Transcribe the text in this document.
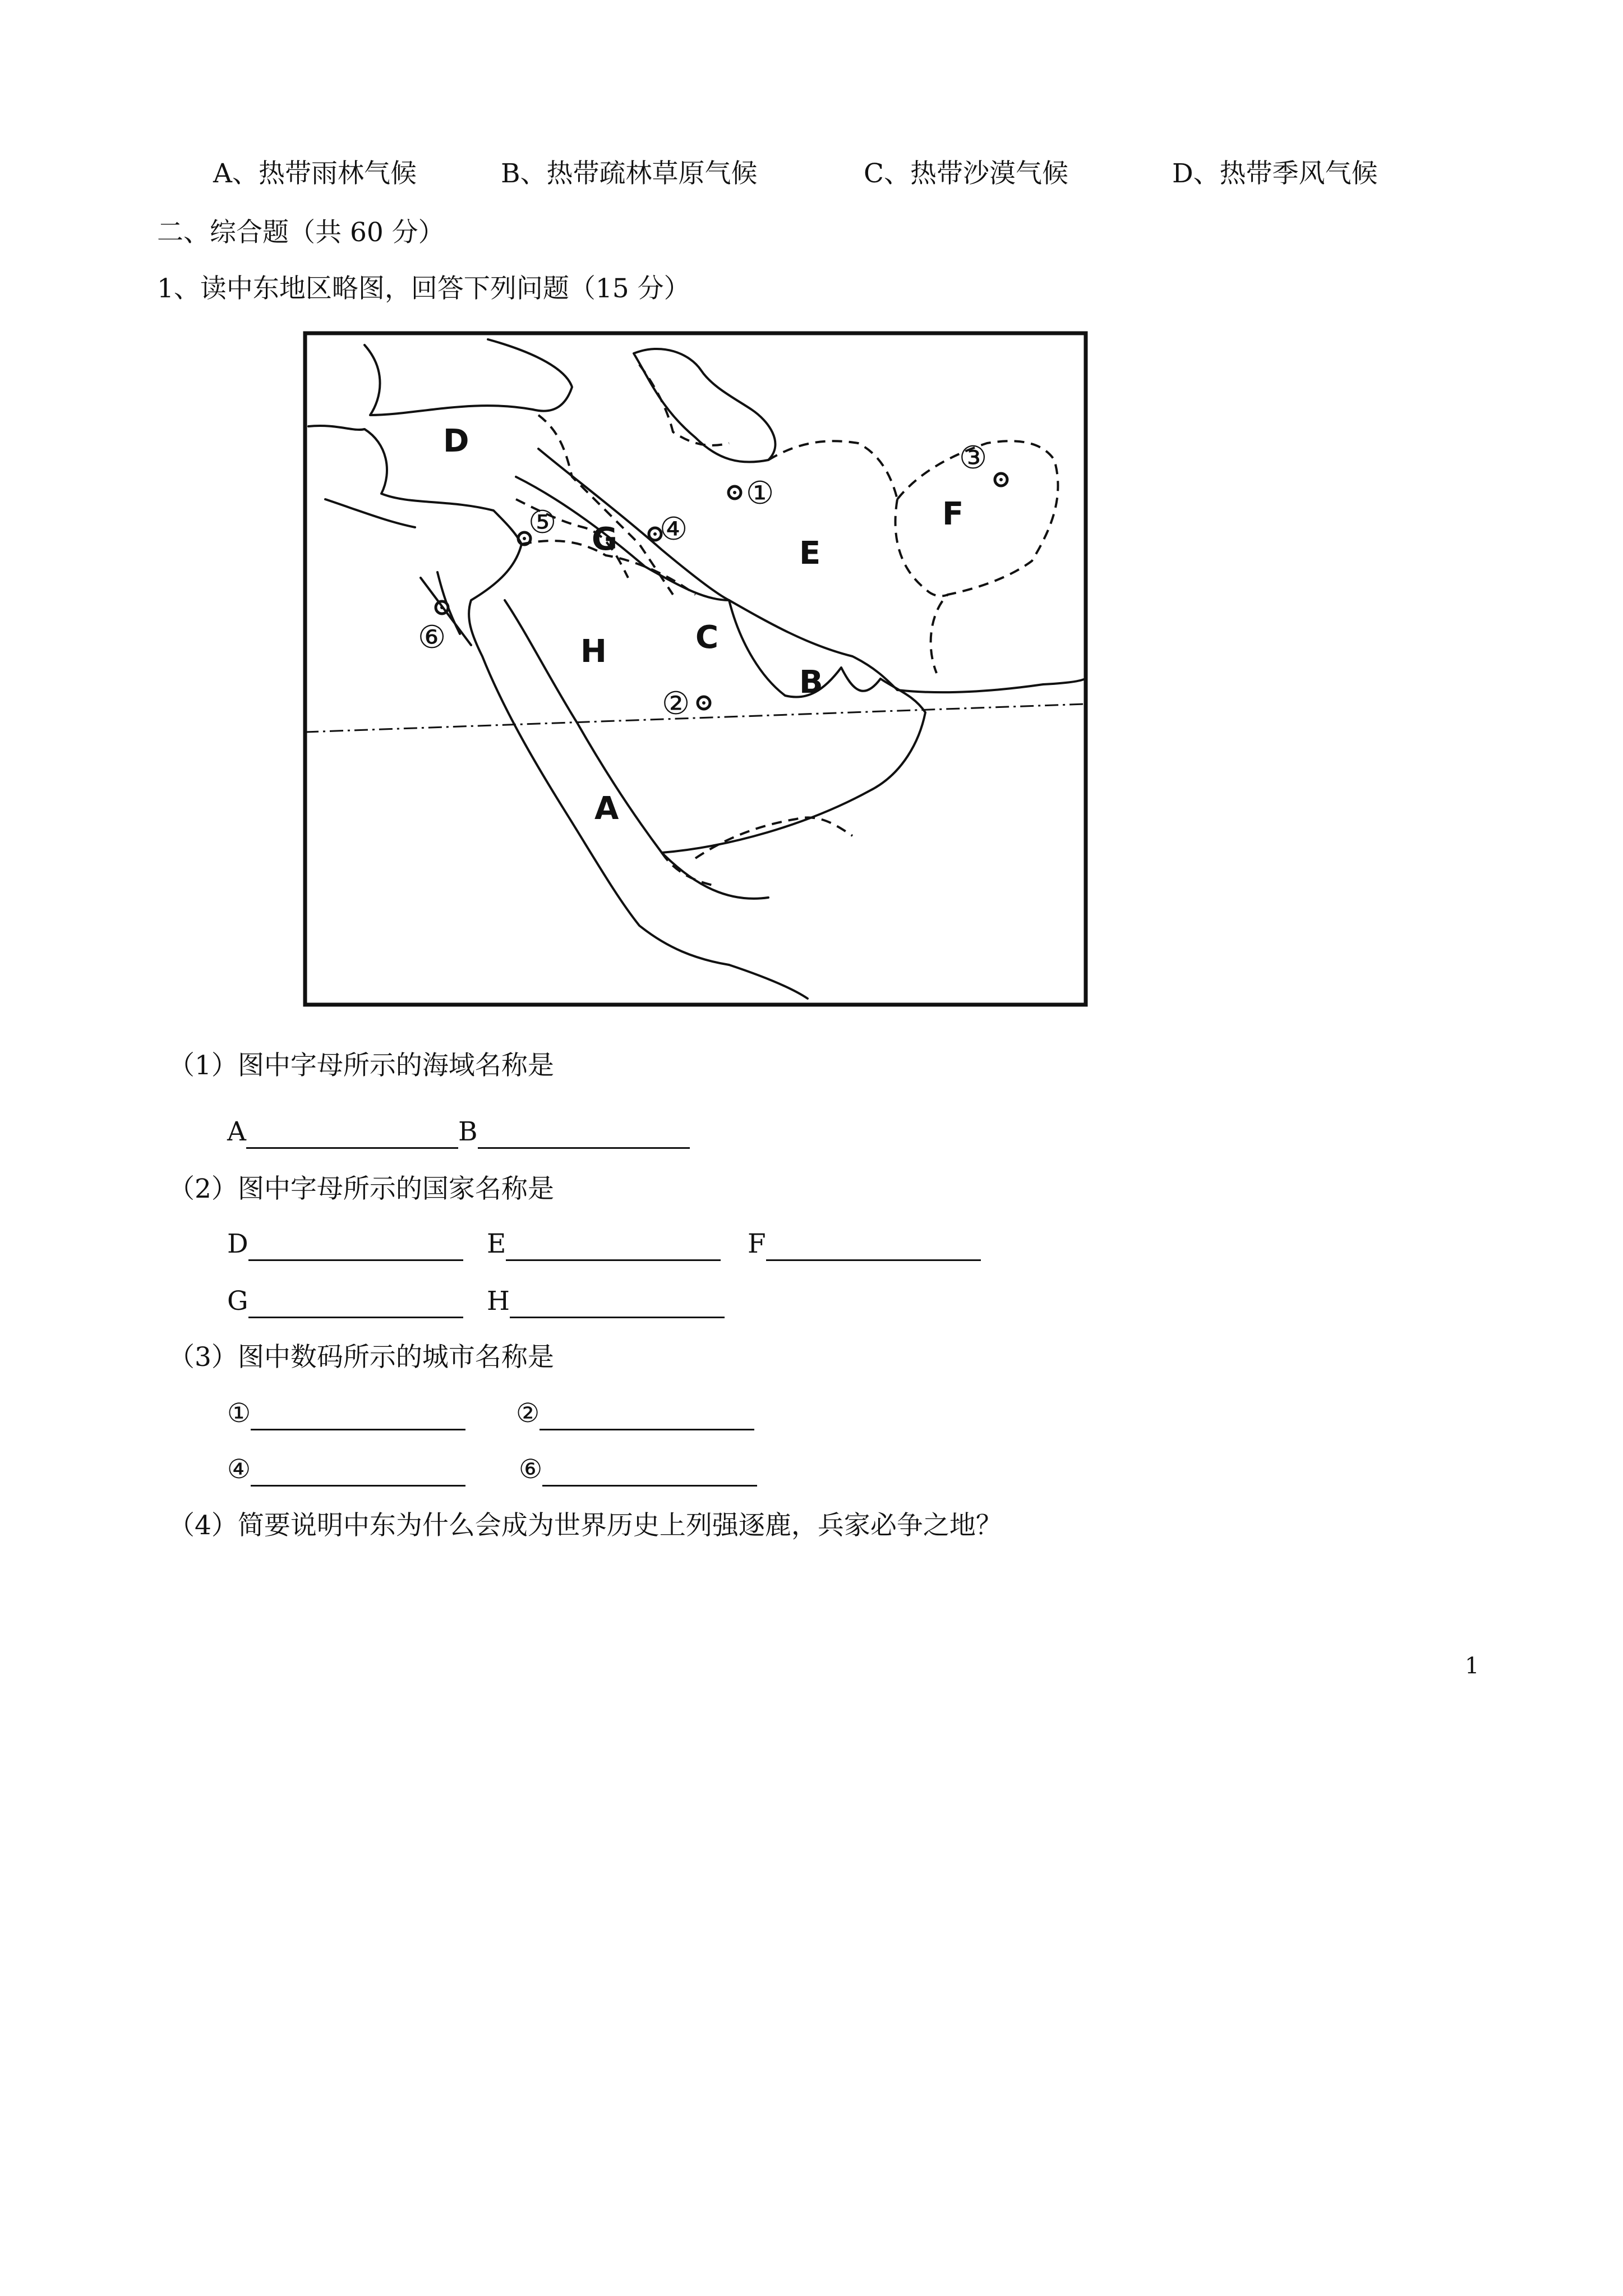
A、热带雨林气候	B、热带疏林草原气候	C、热带沙漠气候	D、热带季风气候
二、综合题（共 60 分）
1、读中东地区略图，回答下列问题（15 分）
D
E
F
G
H
A
B
C
①
②
③
④
⑤
⑥
（1）图中字母所示的海域名称是
A	B
（2）图中字母所示的国家名称是
D	E	F
G	H
（3）图中数码所示的城市名称是
①	②
④	⑥
（4）简要说明中东为什么会成为世界历史上列强逐鹿，兵家必争之地？
1
